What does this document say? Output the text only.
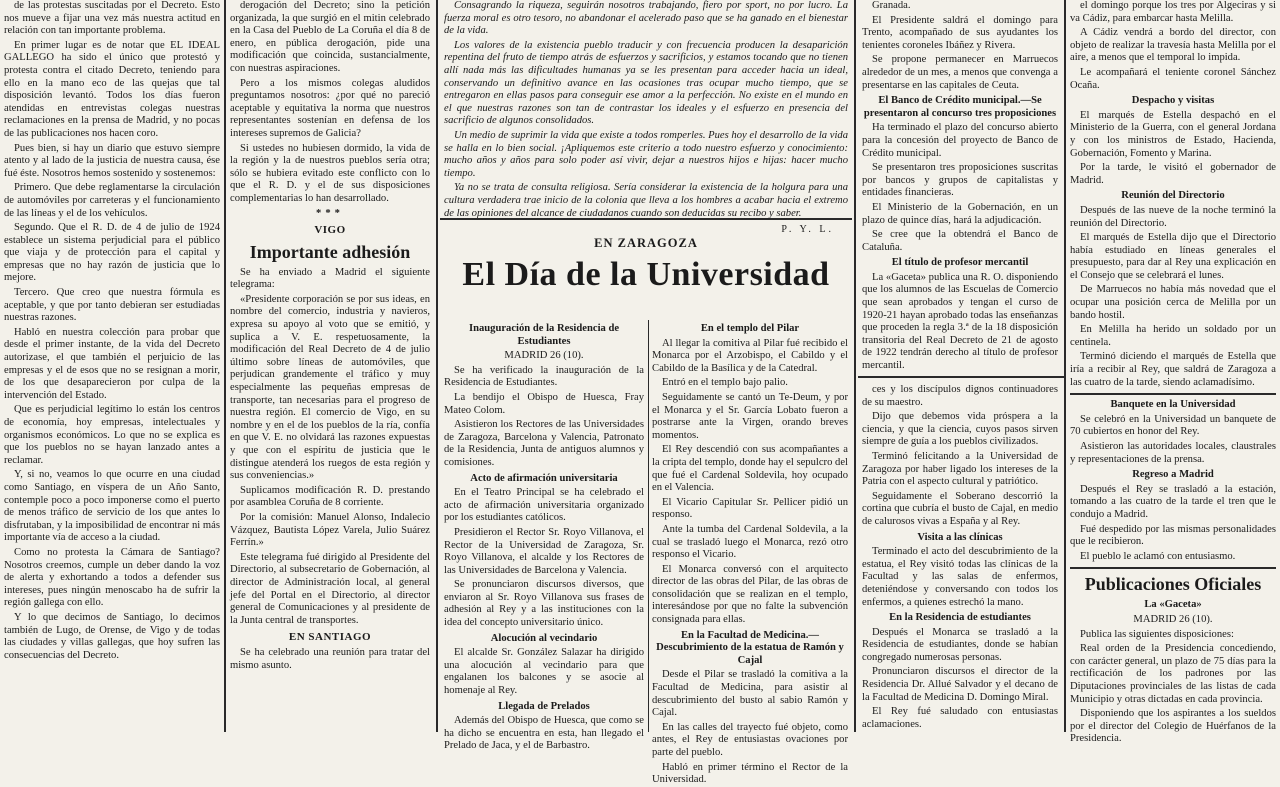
de las protestas suscitadas por el Decreto. Esto nos mueve a fijar una vez más nuestra actitud en relación con tan importante problema.

En primer lugar es de notar que EL IDEAL GALLEGO ha sido el único que protestó y protesta contra el citado Decreto, teniendo para ello en la mano eco de las quejas que tal disposición levantó. Todos los días fueron atendidas en entrevistas colegas nuestras reclamaciones en la prensa de Madrid, y no pocas de las publicaciones nos hacen coro.

Pues bien, si hay un diario que estuvo siempre atento y al lado de la justicia de nuestra causa, ése fué éste. Nosotros hemos sostenido y sostenemos:

Primero. Que debe reglamentarse la circulación de automóviles por carreteras y el funcionamiento de las líneas y el de los vehículos.

Segundo. Que el R. D. de 4 de julio de 1924 establece un sistema perjudicial para el público que viaja y de protección para el capital y empresas que no hay razón de justicia que lo mejore.

Tercero. Que creo que nuestra fórmula es aceptable, y que por tanto debieran ser estudiadas nuestras razones.

Habló en nuestra colección para probar que desde el primer instante, de la vida del Decreto autorizase, el que también el perjuicio de las empresas y el de esos que no se resignan a morir, de los que desaparecieron por culpa de la intervención del Estado.

Que es perjudicial legítimo lo están los centros de economía, hoy empresas, intelectuales y organismos económicos. Lo que no se explica es que los pueblos no se hayan lanzado antes a reclamar.

Y, si no, veamos lo que ocurre en una ciudad como Santiago, en víspera de un Año Santo, contemple poco a poco imponerse como el puerto de menos tráfico de servicio de los que antes lo disfrutaban, y la imposibilidad de encontrar ni más importante vía de acceso a la ciudad.

Como no protesta la Cámara de Santiago? Nosotros creemos, cumple un deber dando la voz de alerta y exhortando a todos a defender sus intereses, pues ningún menoscabo ha de sufrir la región gallega con ello.

Y lo que decimos de Santiago, lo decimos también de Lugo, de Orense, de Vigo y de todas las ciudades y villas gallegas, que hoy sufren las consecuencias del Decreto.

derogación del Decreto; sino la petición organizada, la que surgió en el mitin celebrado en la Casa del Pueblo de La Coruña el día 8 de enero, en pública derogación, pide una modificación que coincida, sustancialmente, con nuestras aspiraciones.

Pero a los mismos colegas aludidos preguntamos nosotros: ¿por qué no pareció aceptable y equitativa la norma que nuestros representantes sostenían en defensa de los intereses supremos de Galicia?

Si ustedes no hubiesen dormido, la vida de la región y la de nuestros pueblos sería otra; sólo se hubiera evitado este conflicto con lo que el R. D. y el de sus disposiciones complementarias lo han desarrollado.

***
VIGO
Importante adhesión

Se ha enviado a Madrid el siguiente telegrama:

«Presidente corporación se por sus ideas, en nombre del comercio, industria y navieros, expresa su apoyo al voto que se emitió, y suplica a V. E. respetuosamente, la modificación del Real Decreto de 4 de julio último sobre líneas de automóviles, que perjudican grandemente el tráfico y muy especialmente las pequeñas empresas de transporte, tan necesarias para el progreso de nuestra región. El comercio de Vigo, en su nombre y en el de los pueblos de la ría, confía en que V. E. no olvidará las razones expuestas y que con el espíritu de justicia que le distingue atenderá los ruegos de esta región y sus conveniencias.»

Suplicamos modificación R. D. prestando por asamblea Coruña de 8 corriente.

Por la comisión: Manuel Alonso, Indalecio Vázquez, Bautista López Varela, Julio Suárez Ferrín.»

Este telegrama fué dirigido al Presidente del Directorio, al subsecretario de Gobernación, al director de Administración local, al general jefe del Portal en el Directorio, al director general de Comunicaciones y al presidente de la Junta central de transportes.

EN SANTIAGO

Se ha celebrado una reunión para tratar del mismo asunto.

Consagrando la riqueza, seguirán nosotros trabajando, fiero por sport, no por lucro. La fuerza moral es otro tesoro, no abandonar el acelerado paso que se ha ganado en el bienestar de la vida.

Los valores de la existencia pueblo traducir y con frecuencia producen la desaparición repentina del fruto de tiempo atrás de esfuerzos y sacrificios, y estamos tocando que no tienen allí nada más las dificultades humanas ya se les presentan para acceder hacia un ideal, conservando un definitivo avance en las ocasiones tras ocupar mucho tiempo, que se entregaron en ellas pasos para conseguir ese amor a la perfección. No existe en el mundo en el que nuestras razones son tan de contrastar los ideales y el esfuerzo en presencia del sacrificio de algunos consolidados.

Un medio de suprimir la vida que existe a todos romperles. Pues hoy el desarrollo de la vida se halla en lo bien social. ¡Apliquemos este criterio a todo nuestro esfuerzo y conocimiento: mucho años y años para solo poder así vivir, dejar a nuestros hijos e hijas: hacer mucho tiempo.

Ya no se trata de consulta religiosa. Sería considerar la existencia de la holgura para una cultura verdadera trae inicio de la colonia que lleva a los hombres a acabar hacia el extremo de las opiniones del alcance de ciudadanos cuando son deducidas su recibo y saber.

P. Y. L.
EN ZARAGOZA
El Día de la Universidad
Inauguración de la Residencia de Estudiantes
MADRID 26 (10).

Se ha verificado la inauguración de la Residencia de Estudiantes.

La bendijo el Obispo de Huesca, Fray Mateo Colom.

Asistieron los Rectores de las Universidades de Zaragoza, Barcelona y Valencia, Patronato de la Residencia, Junta de antiguos alumnos y comisiones.

Acto de afirmación universitaria

En el Teatro Principal se ha celebrado el acto de afirmación universitaria organizado por los estudiantes católicos.

Presidieron el Rector Sr. Royo Villanova, el Rector de la Universidad de Zaragoza, Sr. Royo Villanova, el alcalde y los Rectores de las Universidades de Barcelona y Valencia.

Se pronunciaron discursos diversos, que enviaron al Sr. Royo Villanova sus frases de adhesión al Rey y a las instituciones con la idea del concepto universitario único.

Alocución al vecindario

El alcalde Sr. González Salazar ha dirigido una alocución al vecindario para que engalanen los balcones y se asocie al homenaje al Rey.

Llegada de Prelados

Además del Obispo de Huesca, que como se ha dicho se encuentra en esta, han llegado el Prelado de Jaca, y el de Barbastro.

En el templo del Pilar

Al llegar la comitiva al Pilar fué recibido el Monarca por el Arzobispo, el Cabildo y el Cabildo de la Basílica y de la Catedral.

Entró en el templo bajo palio.

Seguidamente se cantó un Te-Deum, y por el Monarca y el Sr. García Lobato fueron a postrarse ante la Virgen, orando breves momentos.

El Rey descendió con sus acompañantes a la cripta del templo, donde hay el sepulcro del que fué el Cardenal Soldevila, hoy ocupado en el Valencia.

El Vicario Capitular Sr. Pellicer pidió un responso.

Ante la tumba del Cardenal Soldevila, a la cual se trasladó luego el Monarca, rezó otro responso el Vicario.

El Monarca conversó con el arquitecto director de las obras del Pilar, de las obras de consolidación que se realizan en el templo, interesándose por que no falte la subvención consignada para ellas.

En la Facultad de Medicina.—Descubrimiento de la estatua de Ramón y Cajal

Desde el Pilar se trasladó la comitiva a la Facultad de Medicina, para asistir al descubrimiento del busto al sabio Ramón y Cajal.

En las calles del trayecto fué objeto, como antes, el Rey de entusiastas ovaciones por parte del pueblo.

Habló en primer término el Rector de la Universidad.

Granada.

El Presidente saldrá el domingo para Trento, acompañado de sus ayudantes los tenientes coroneles Ibáñez y Rivera.

Se propone permanecer en Marruecos alrededor de un mes, a menos que convenga a presentarse en las capitales de Ceuta.

El Banco de Crédito municipal.—Se presentaron al concurso tres proposiciones

Ha terminado el plazo del concurso abierto para la concesión del proyecto de Banco de Crédito municipal.

Se presentaron tres proposiciones suscritas por bancos y grupos de capitalistas y entidades financieras.

El Ministerio de la Gobernación, en un plazo de quince días, hará la adjudicación.

Se cree que la obtendrá el Banco de Cataluña.

El título de profesor mercantil

La «Gaceta» publica una R. O. disponiendo que los alumnos de las Escuelas de Comercio que sean aprobados y tengan el curso de 1920-21 hayan aprobado todas las enseñanzas que proceden la regla 3.ª de la 18 disposición transitoria del Real Decreto de 21 de agosto de 1922 tendrán derecho al título de profesor mercantil.

ces y los discípulos dignos continuadores de su maestro.

Dijo que debemos vida próspera a la ciencia, y que la ciencia, cuyos pasos sirven siempre de guía a los pueblos civilizados.

Terminó felicitando a la Universidad de Zaragoza por haber ligado los intereses de la Patria con el aspecto cultural y patriótico.

Seguidamente el Soberano descorrió la cortina que cubría el busto de Cajal, en medio de calurosos vivas a España y al Rey.

Visita a las clínicas

Terminado el acto del descubrimiento de la estatua, el Rey visitó todas las clínicas de la Facultad y las salas de enfermos, deteniéndose y conversando con todos los enfermos, a quienes estrechó la mano.

En la Residencia de estudiantes

Después el Monarca se trasladó a la Residencia de estudiantes, donde se habían congregado numerosas personas.

Pronunciaron discursos el director de la Residencia Dr. Allué Salvador y el decano de la Facultad de Medicina D. Domingo Miral.

El Rey fué saludado con entusiastas aclamaciones.

el domingo porque los tres por Algeciras y si va Cádiz, para embarcar hasta Melilla.

A Cádiz vendrá a bordo del director, con objeto de realizar la travesía hasta Melilla por el aire, a menos que el temporal lo impida.

Le acompañará el teniente coronel Sánchez Ocaña.

Despacho y visitas

El marqués de Estella despachó en el Ministerio de la Guerra, con el general Jordana y con los ministros de Estado, Hacienda, Gobernación, Fomento y Marina.

Por la tarde, le visitó el gobernador de Madrid.

Reunión del Directorio

Después de las nueve de la noche terminó la reunión del Directorio.

El marqués de Estella dijo que el Directorio había estudiado en líneas generales el presupuesto, para dar al Rey una explicación en el Consejo que se celebrará el lunes.

De Marruecos no había más novedad que el ocupar una posición cerca de Melilla por un bando hostil.

En Melilla ha herido un soldado por un centinela.

Terminó diciendo el marqués de Estella que iría a recibir al Rey, que saldrá de Zaragoza a las cuatro de la tarde, siendo aclamadísimo.

Banquete en la Universidad

Se celebró en la Universidad un banquete de 70 cubiertos en honor del Rey.

Asistieron las autoridades locales, claustrales y representaciones de la prensa.

Regreso a Madrid

Después el Rey se trasladó a la estación, tomando a las cuatro de la tarde el tren que le condujo a Madrid.

Fué despedido por las mismas personalidades que le recibieron.

El pueblo le aclamó con entusiasmo.

Publicaciones Oficiales
La «Gaceta»
MADRID 26 (10).

Publica las siguientes disposiciones:

Real orden de la Presidencia concediendo, con carácter general, un plazo de 75 días para la rectificación de los padrones por las Diputaciones provinciales de las listas de cada Municipio y otras dictadas en cada provincia.

Disponiendo que los aspirantes a los sueldos por el director del Colegio de Huérfanos de la Presidencia.
